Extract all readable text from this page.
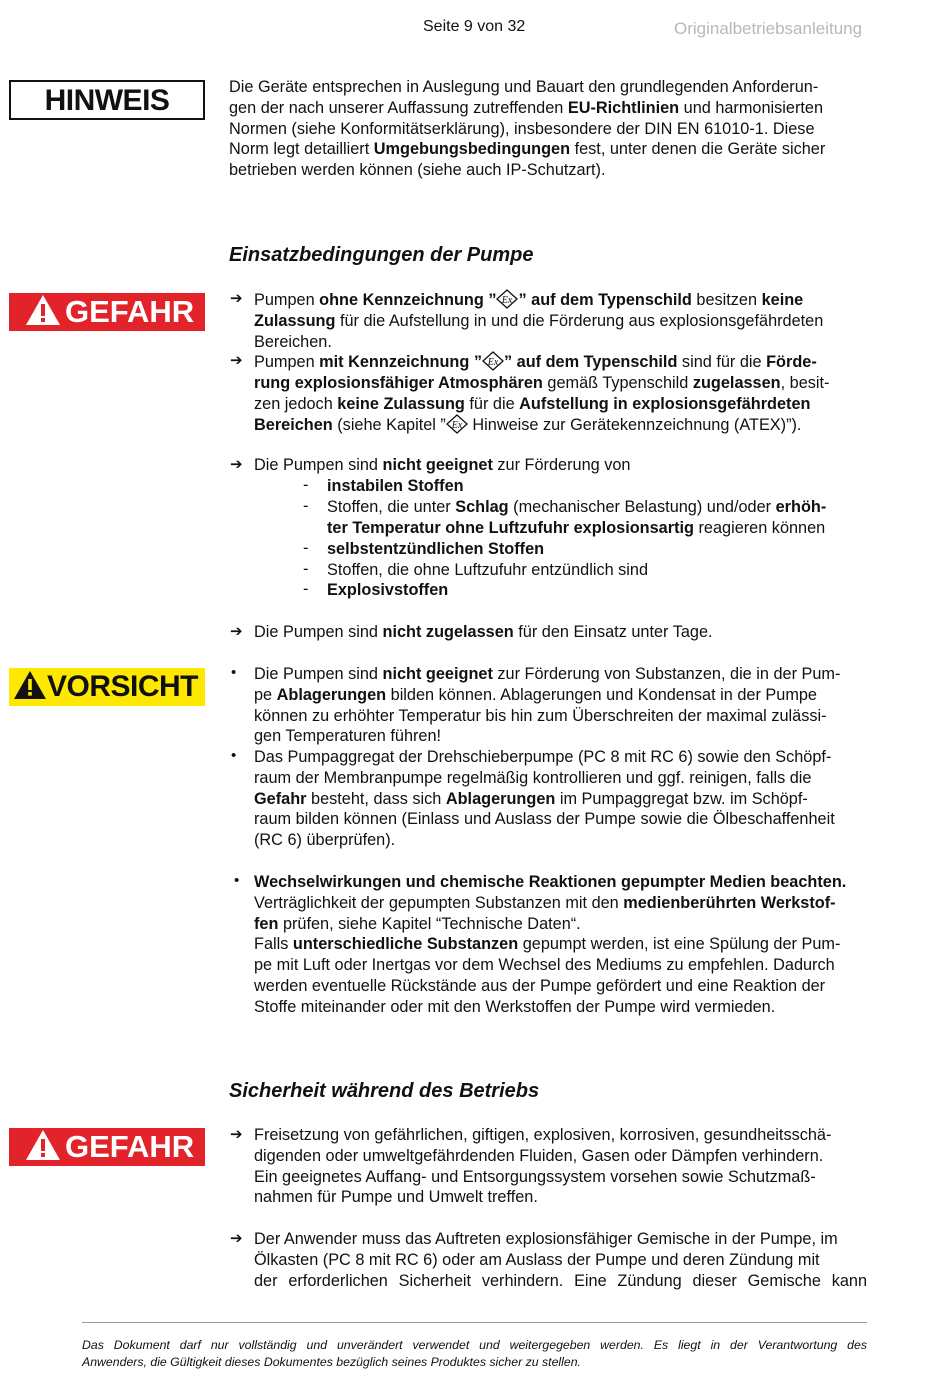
Seite 9 von 32	Originalbetriebsanleitung
HINWEIS	Die Geräte entsprechen in Auslegung und Bauart den grundlegenden Anforderun-
gen der nach unserer Auffassung zutreffenden EU-Richtlinien und harmonisierten
Normen (siehe Konformitätserklärung), insbesondere der DIN EN 61010-1. Diese
Norm legt detailliert Umgebungsbedingungen fest, unter denen die Geräte sicher
betrieben werden können (siehe auch IP-Schutzart).
Einsatzbedingungen der Pumpe
GEFAHR	➔ Pumpen ohne Kennzeichnung ” Ex ” auf dem Typenschild besitzen keine
Zulassung für die Aufstellung in und die Förderung aus explosionsgefährdeten
Bereichen.
➔ Pumpen mit Kennzeichnung ” Ex ” auf dem Typenschild sind für die Förde-
rung explosionsfähiger Atmosphären gemäß Typenschild zugelassen, besit-
zen jedoch keine Zulassung für die Aufstellung in explosionsgefährdeten
Bereichen (siehe Kapitel ” Ex Hinweise zur Gerätekennzeichnung (ATEX)”).
➔ Die Pumpen sind nicht geeignet zur Förderung von
- instabilen Stoffen
- Stoffen, die unter Schlag (mechanischer Belastung) und/oder erhöh-
ter Temperatur ohne Luftzufuhr explosionsartig reagieren können
- selbstentzündlichen Stoffen
- Stoffen, die ohne Luftzufuhr entzündlich sind
- Explosivstoffen
➔ Die Pumpen sind nicht zugelassen für den Einsatz unter Tage.
VORSICHT	• Die Pumpen sind nicht geeignet zur Förderung von Substanzen, die in der Pum-
pe Ablagerungen bilden können. Ablagerungen und Kondensat in der Pumpe
können zu erhöhter Temperatur bis hin zum Überschreiten der maximal zulässi-
gen Temperaturen führen!
• Das Pumpaggregat der Drehschieberpumpe (PC 8 mit RC 6) sowie den Schöpf-
raum der Membranpumpe regelmäßig kontrollieren und ggf. reinigen, falls die
Gefahr besteht, dass sich Ablagerungen im Pumpaggregat bzw. im Schöpf-
raum bilden können (Einlass und Auslass der Pumpe sowie die Ölbeschaffenheit
(RC 6) überprüfen).
• Wechselwirkungen und chemische Reaktionen gepumpter Medien beachten.
Verträglichkeit der gepumpten Substanzen mit den medienberührten Werkstof-
fen prüfen, siehe Kapitel “Technische Daten“.
Falls unterschiedliche Substanzen gepumpt werden, ist eine Spülung der Pum-
pe mit Luft oder Inertgas vor dem Wechsel des Mediums zu empfehlen. Dadurch
werden eventuelle Rückstände aus der Pumpe gefördert und eine Reaktion der
Stoffe miteinander oder mit den Werkstoffen der Pumpe wird vermieden.
Sicherheit während des Betriebs
GEFAHR	➔ Freisetzung von gefährlichen, giftigen, explosiven, korrosiven, gesundheitsschä-
digenden oder umweltgefährdenden Fluiden, Gasen oder Dämpfen verhindern.
Ein geeignetes Auffang- und Entsorgungssystem vorsehen sowie Schutzmaß-
nahmen für Pumpe und Umwelt treffen.
➔ Der Anwender muss das Auftreten explosionsfähiger Gemische in der Pumpe, im
Ölkasten (PC 8 mit RC 6) oder am Auslass der Pumpe und deren Zündung mit
der erforderlichen Sicherheit verhindern. Eine Zündung dieser Gemische kann
Das Dokument darf nur vollständig und unverändert verwendet und weitergegeben werden. Es liegt in der Verantwortung des
Anwenders, die Gültigkeit dieses Dokumentes bezüglich seines Produktes sicher zu stellen.
